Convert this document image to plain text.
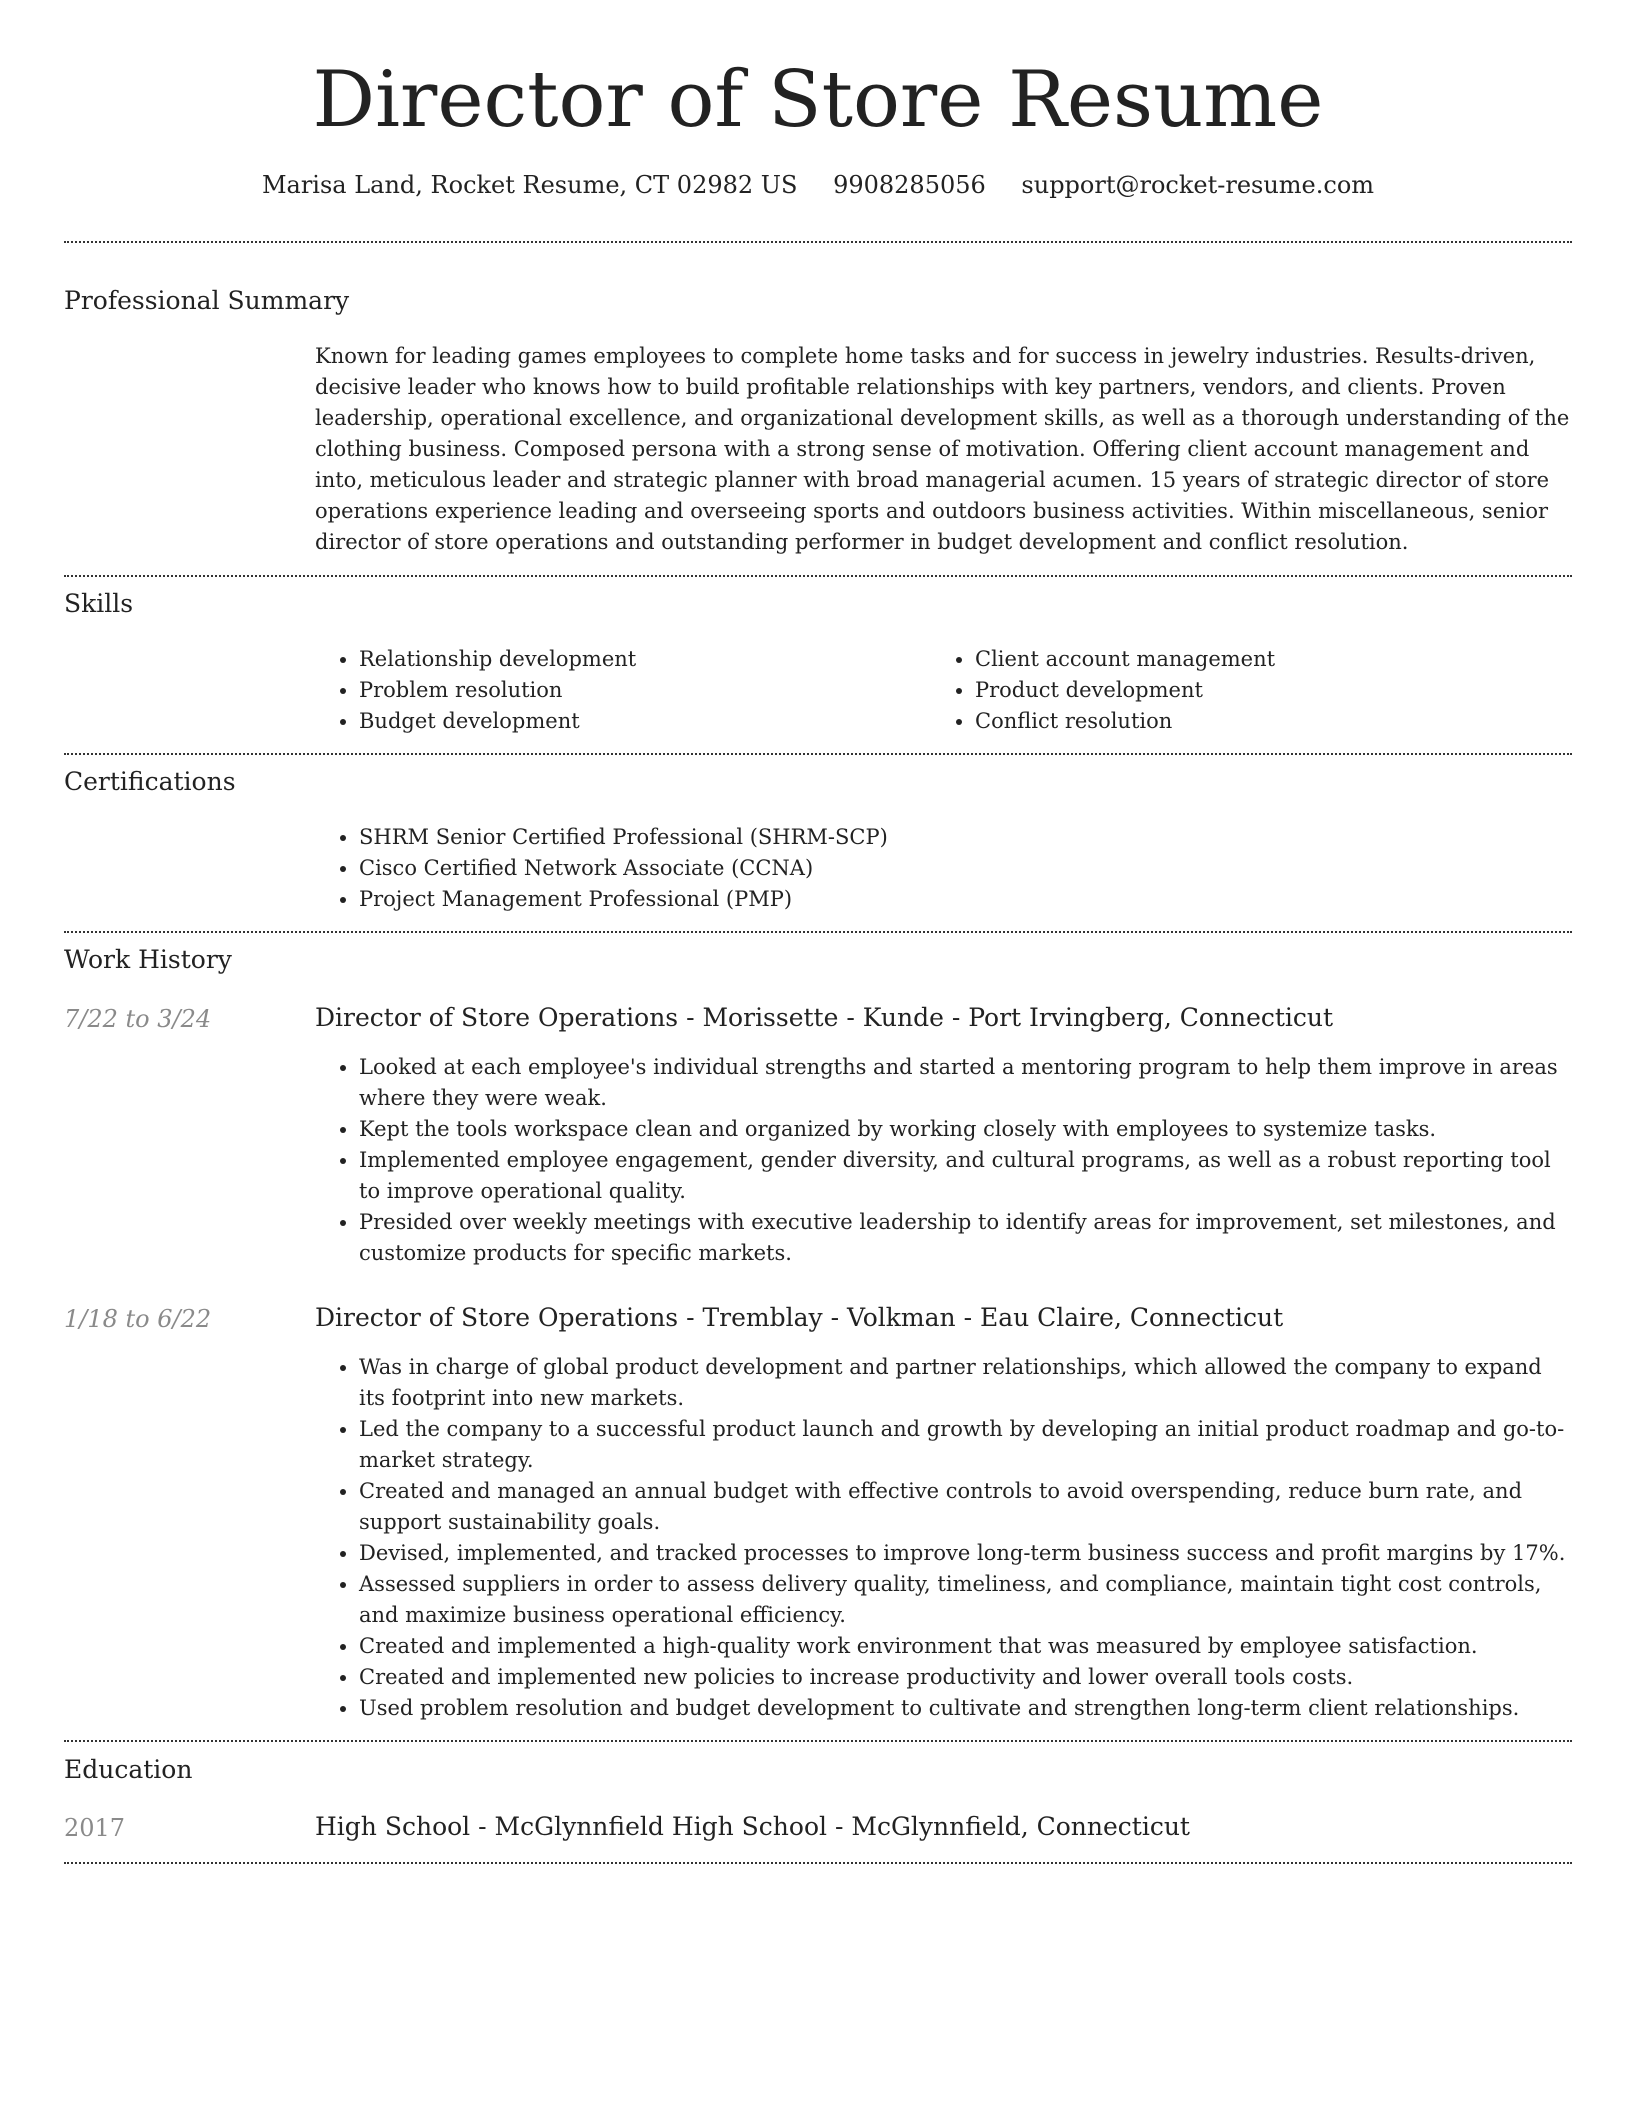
Director of Store Resume
Marisa Land, Rocket Resume, CT 02982 US 9908285056 support@rocket-resume.com
Professional Summary
Known for leading games employees to complete home tasks and for success in jewelry industries. Results-driven, decisive leader who knows how to build profitable relationships with key partners, vendors, and clients. Proven leadership, operational excellence, and organizational development skills, as well as a thorough understanding of the clothing business. Composed persona with a strong sense of motivation. Offering client account management and into, meticulous leader and strategic planner with broad managerial acumen. 15 years of strategic director of store operations experience leading and overseeing sports and outdoors business activities. Within miscellaneous, senior director of store operations and outstanding performer in budget development and conflict resolution.
Skills
• Relationship development
• Problem resolution
• Budget development
• Client account management
• Product development
• Conflict resolution
Certifications
• SHRM Senior Certified Professional (SHRM-SCP)
• Cisco Certified Network Associate (CCNA)
• Project Management Professional (PMP)
Work History
7/22 to 3/24	Director of Store Operations - Morissette - Kunde - Port Irvingberg, Connecticut
• Looked at each employee's individual strengths and started a mentoring program to help them improve in areas where they were weak.
• Kept the tools workspace clean and organized by working closely with employees to systemize tasks.
• Implemented employee engagement, gender diversity, and cultural programs, as well as a robust reporting tool to improve operational quality.
• Presided over weekly meetings with executive leadership to identify areas for improvement, set milestones, and customize products for specific markets.
1/18 to 6/22	Director of Store Operations - Tremblay - Volkman - Eau Claire, Connecticut
• Was in charge of global product development and partner relationships, which allowed the company to expand its footprint into new markets.
• Led the company to a successful product launch and growth by developing an initial product roadmap and go-to-market strategy.
• Created and managed an annual budget with effective controls to avoid overspending, reduce burn rate, and support sustainability goals.
• Devised, implemented, and tracked processes to improve long-term business success and profit margins by 17%.
• Assessed suppliers in order to assess delivery quality, timeliness, and compliance, maintain tight cost controls, and maximize business operational efficiency.
• Created and implemented a high-quality work environment that was measured by employee satisfaction.
• Created and implemented new policies to increase productivity and lower overall tools costs.
• Used problem resolution and budget development to cultivate and strengthen long-term client relationships.
Education
2017	High School - McGlynnfield High School - McGlynnfield, Connecticut
